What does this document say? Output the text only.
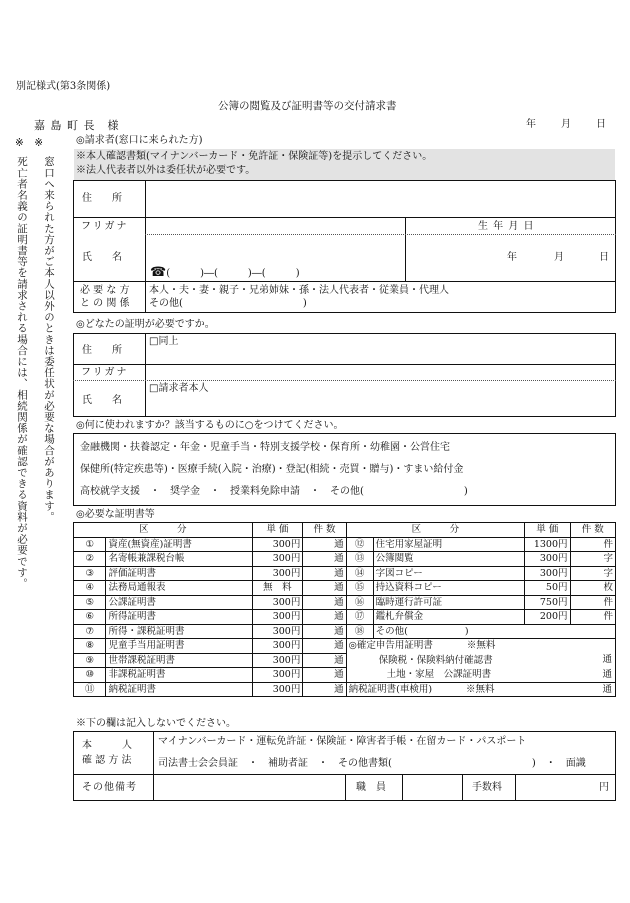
別記様式(第3条関係)
公簿の閲覧及び証明書等の交付請求書
嘉 島 町 長　様	年	月	日
※　※
窓口へ来られた方がご本人以外のときは委任状が必要な場合があります。
死亡者名義の証明書等を請求される場合には、相続関係が確認できる資料が必要です。
◎請求者(窓口に来られた方)
※本人確認書類(マイナンバーカード・免許証・保険証等)を提示してください。
※法人代表者以外は委任状が必要です。
住　　所
フリガナ	生 年 月 日
氏　　名	年	月	日
☎(　　　)―(　　　)―(　　　)
必 要 な 方
と の 関 係
本人・夫・妻・親子・兄弟姉妹・孫・法人代表者・従業員・代理人
その他(　　　　　　　　　　　　)
◎どなたの証明が必要ですか。
住　　所
□同上
フリガナ
氏　　名
□請求者本人
◎何に使われますか？該当するものに○をつけてください。
金融機関・扶養認定・年金・児童手当・特別支援学校・保育所・幼稚園・公営住宅
保健所(特定疾患等)・医療手続(入院・治療)・登記(相続・売買・贈与)・すまい給付金
高校就学支援　・　奨学金　・　授業料免除申請　・　その他(　　　　　　　　　　)
◎必要な証明書等
区　　　分		単 価	件 数	区　　　分		単 価	件 数
①	資産(無資産)証明書	300円	通	⑫	住宅用家屋証明	1300円	件
②	名寄帳兼課税台帳	300円	通	⑬	公簿閲覧	300円	字
③	評価証明書	300円	通	⑭	字図コピー	300円	字
④	法務局通報表	無　料	通	⑮	持込資料コピー	50円	枚
⑤	公課証明書	300円	通	⑯	臨時運行許可証	750円	件
⑥	所得証明書	300円	通	⑰	鑑札弁償金	200円	件
⑦	所得・課税証明書	300円	通	⑱	その他(　　　　　　)		
⑧	児童手当用証明書	300円	通	◎確定申告用証明書 ※無料			
⑨	世帯課税証明書	300円	通	保険税・保険料納付確認書 通			

⑩	非課税証明書	300円	通	土地・家屋　公課証明書 通			

⑪	納税証明書	300円	通	納税証明書(車検用) ※無料 通			
※下の欄は記入しないでください。
本　　　人
確 認 方 法
マイナンバーカード・運転免許証・保険証・障害者手帳・在留カード・パスポート
司法書士会会員証　・　補助者証　・　その他書類(　　　　　　　　　　　　　　)　・　面識
その他備考	職　員	手数料	円
